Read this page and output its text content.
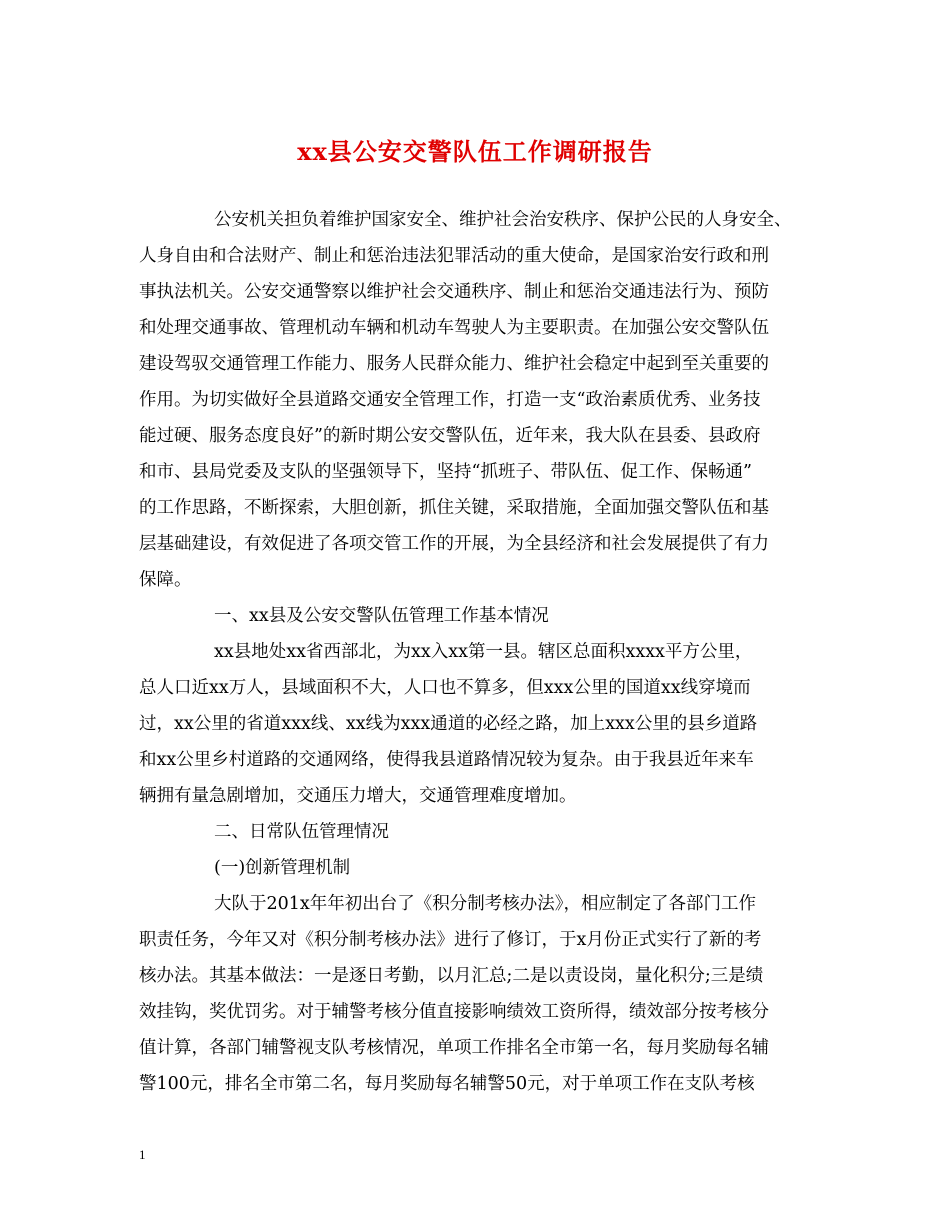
xx县公安交警队伍工作调研报告
公安机关担负着维护国家安全、维护社会治安秩序、保护公民的人身安全、
人身自由和合法财产、制止和惩治违法犯罪活动的重大使命，是国家治安行政和刑
事执法机关。公安交通警察以维护社会交通秩序、制止和惩治交通违法行为、预防
和处理交通事故、管理机动车辆和机动车驾驶人为主要职责。在加强公安交警队伍
建设驾驭交通管理工作能力、服务人民群众能力、维护社会稳定中起到至关重要的
作用。为切实做好全县道路交通安全管理工作，打造一支“政治素质优秀、业务技
能过硬、服务态度良好”的新时期公安交警队伍，近年来，我大队在县委、县政府
和市、县局党委及支队的坚强领导下，坚持“抓班子、带队伍、促工作、保畅通”
的工作思路，不断探索，大胆创新，抓住关键，采取措施，全面加强交警队伍和基
层基础建设，有效促进了各项交管工作的开展，为全县经济和社会发展提供了有力
保障。
一、xx县及公安交警队伍管理工作基本情况
xx县地处xx省西部北，为xx入xx第一县。辖区总面积xxxx平方公里，
总人口近xx万人，县域面积不大，人口也不算多，但xxx公里的国道xx线穿境而
过，xx公里的省道xxx线、xx线为xxx通道的必经之路，加上xxx公里的县乡道路
和xx公里乡村道路的交通网络，使得我县道路情况较为复杂。由于我县近年来车
辆拥有量急剧增加，交通压力增大，交通管理难度增加。
二、日常队伍管理情况
(一)创新管理机制
大队于201x年年初出台了《积分制考核办法》，相应制定了各部门工作
职责任务，今年又对《积分制考核办法》进行了修订，于x月份正式实行了新的考
核办法。其基本做法：一是逐日考勤，以月汇总;二是以责设岗，量化积分;三是绩
效挂钩，奖优罚劣。对于辅警考核分值直接影响绩效工资所得，绩效部分按考核分
值计算，各部门辅警视支队考核情况，单项工作排名全市第一名，每月奖励每名辅
警100元，排名全市第二名，每月奖励每名辅警50元，对于单项工作在支队考核
1
